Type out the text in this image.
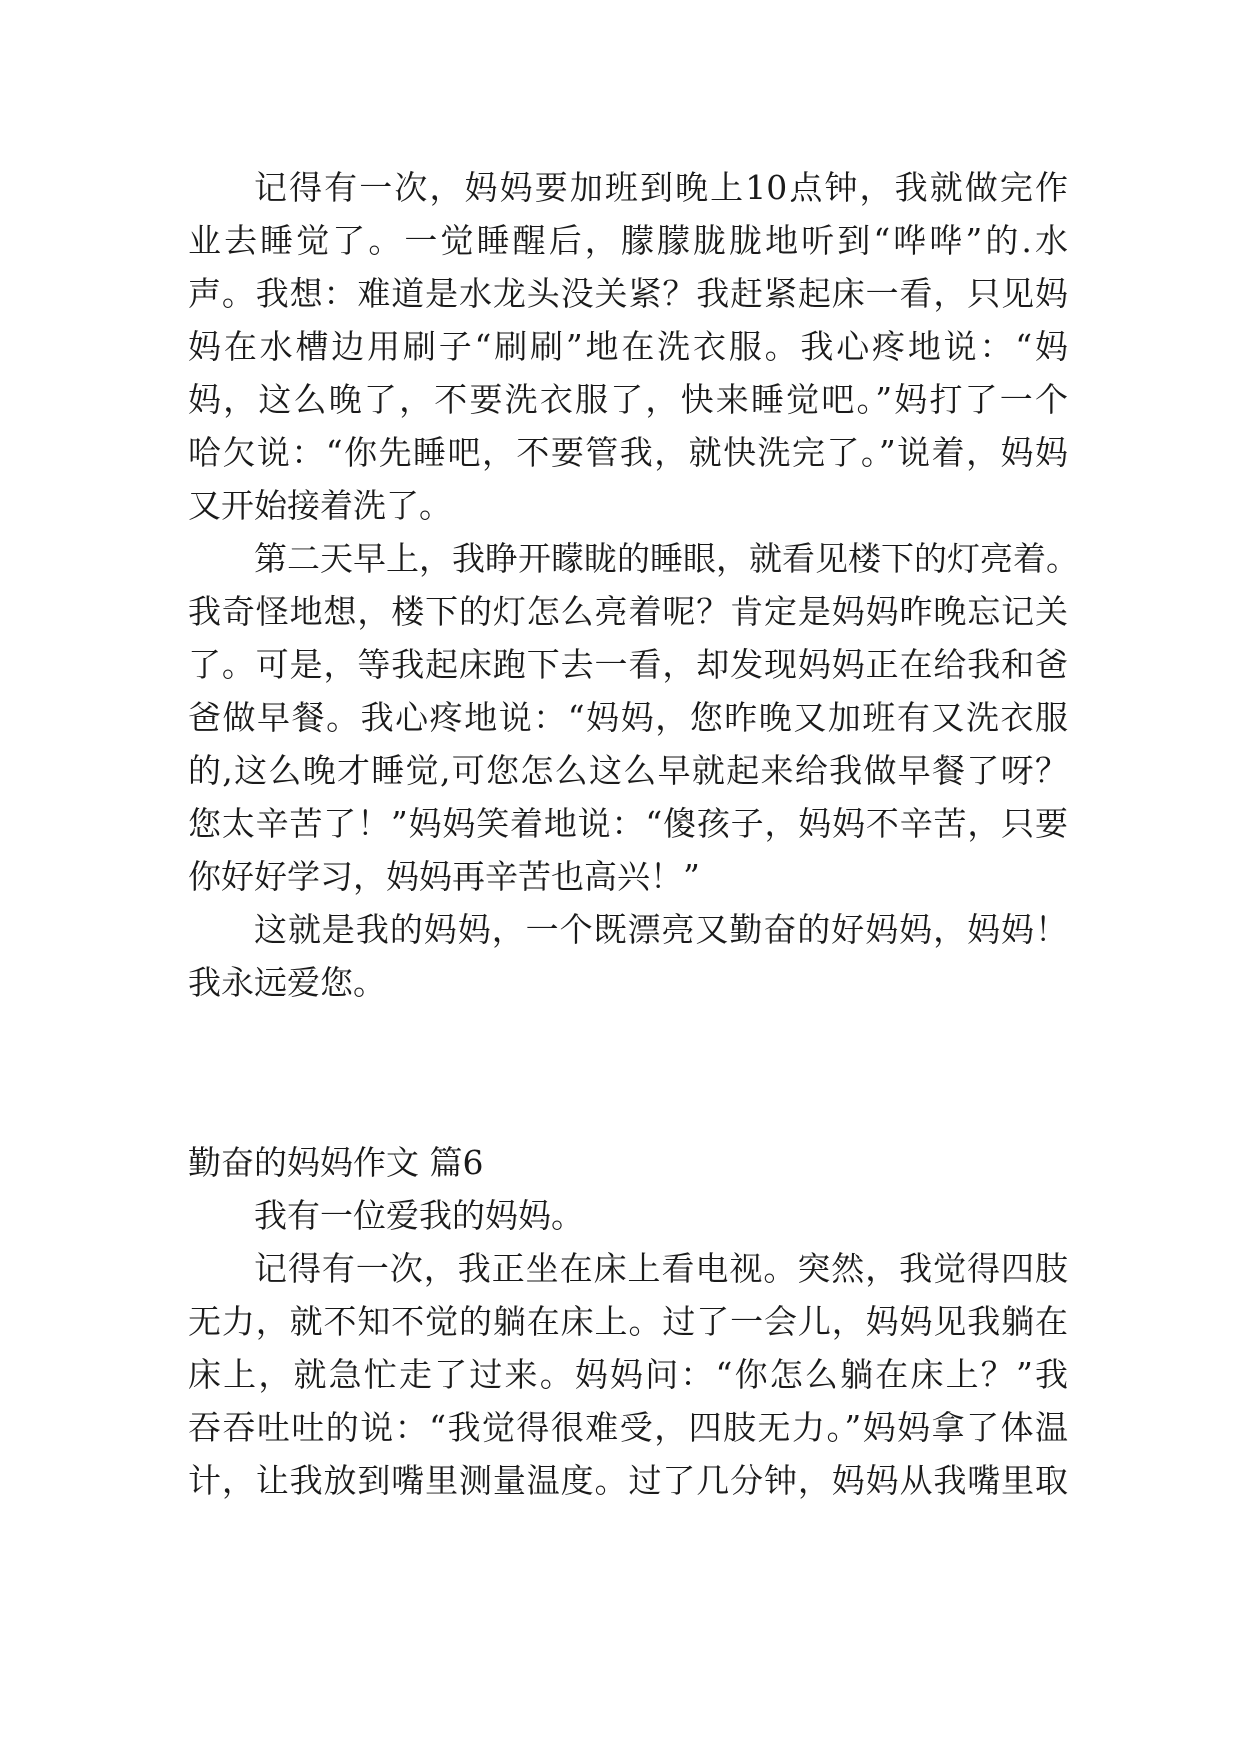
记得有一次，妈妈要加班到晚上10点钟，我就做完作
业去睡觉了。一觉睡醒后，朦朦胧胧地听到“哗哗”的.水
声。我想：难道是水龙头没关紧？我赶紧起床一看，只见妈
妈在水槽边用刷子“刷刷”地在洗衣服。我心疼地说：“妈
妈，这么晚了，不要洗衣服了，快来睡觉吧。”妈打了一个
哈欠说：“你先睡吧，不要管我，就快洗完了。”说着，妈妈
又开始接着洗了。
第二天早上，我睁开矇眬的睡眼，就看见楼下的灯亮着。
我奇怪地想，楼下的灯怎么亮着呢？肯定是妈妈昨晚忘记关
了。可是，等我起床跑下去一看，却发现妈妈正在给我和爸
爸做早餐。我心疼地说：“妈妈，您昨晚又加班有又洗衣服
的,这么晚才睡觉,可您怎么这么早就起来给我做早餐了呀？
您太辛苦了！”妈妈笑着地说：“傻孩子，妈妈不辛苦，只要
你好好学习，妈妈再辛苦也高兴！”
这就是我的妈妈，一个既漂亮又勤奋的好妈妈，妈妈！
我永远爱您。
勤奋的妈妈作文 篇6
我有一位爱我的妈妈。
记得有一次，我正坐在床上看电视。突然，我觉得四肢
无力，就不知不觉的躺在床上。过了一会儿，妈妈见我躺在
床上，就急忙走了过来。妈妈问：“你怎么躺在床上？”我
吞吞吐吐的说：“我觉得很难受，四肢无力。”妈妈拿了体温
计，让我放到嘴里测量温度。过了几分钟，妈妈从我嘴里取
